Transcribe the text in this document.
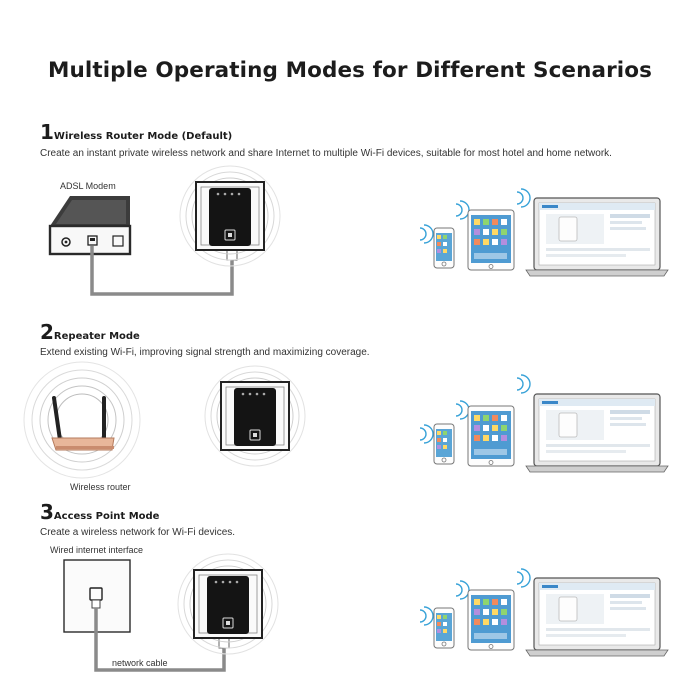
Multiple Operating Modes for Different Scenarios
1Wireless Router Mode (Default)
Create an instant private wireless network and share Internet to multiple Wi-Fi devices, suitable for most hotel and home network.
ADSL Modem
2Repeater Mode
Extend existing Wi-Fi, improving signal strength and maximizing coverage.
Wireless router
3Access Point Mode
Create a wireless network for Wi-Fi devices.
Wired internet interface
network cable
